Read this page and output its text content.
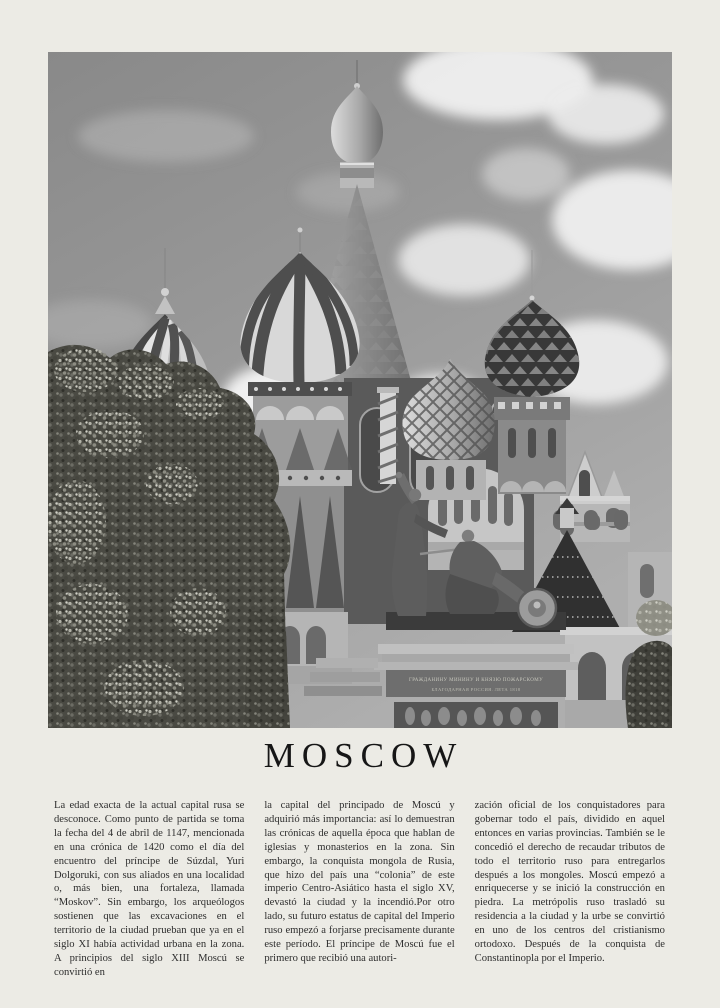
ГРАЖДАНИНУ МИНИНУ И КНЯЗЮ ПОЖАРСКОМУ
БЛАГОДАРНАЯ РОССИЯ. ЛЕТА 1818
MOSCOW

La edad exacta de la actual capital rusa se desconoce. Como punto de partida se toma la fecha del 4 de abril de 1147, mencionada en una crónica de 1420 como el día del encuentro del príncipe de Súzdal, Yuri Dolgoruki, con sus aliados en una localidad o, más bien, una fortaleza, llamada “Moskov”. Sin embargo, los arqueólogos sostienen que las excavaciones en el territorio de la ciudad prueban que ya en el siglo XI había actividad urbana en la zona. A principios del siglo XIII Moscú se convirtió en

la capital del principado de Moscú y adquirió más importancia: así lo demuestran las crónicas de aquella época que hablan de iglesias y monasterios en la zona. Sin embargo, la conquista mongola de Rusia, que hizo del país una “colonia” de este imperio Centro-Asiático hasta el siglo XV, devastó la ciudad y la incendió.Por otro lado, su futuro estatus de capital del Imperio ruso empezó a forjarse precisamente durante este período. El príncipe de Moscú fue el primero que recibió una autori-

zación oficial de los conquistadores para gobernar todo el país, dividido en aquel entonces en varias provincias. También se le concedió el derecho de recaudar tributos de todo el territorio ruso para entregarlos después a los mongoles. Moscú empezó a enriquecerse y se inició la construcción en piedra. La metrópolis ruso trasladó su residencia a la ciudad y la urbe se convirtió en uno de los centros del cristianismo ortodoxo. Después de la conquista de Constantinopla por el Imperio.
